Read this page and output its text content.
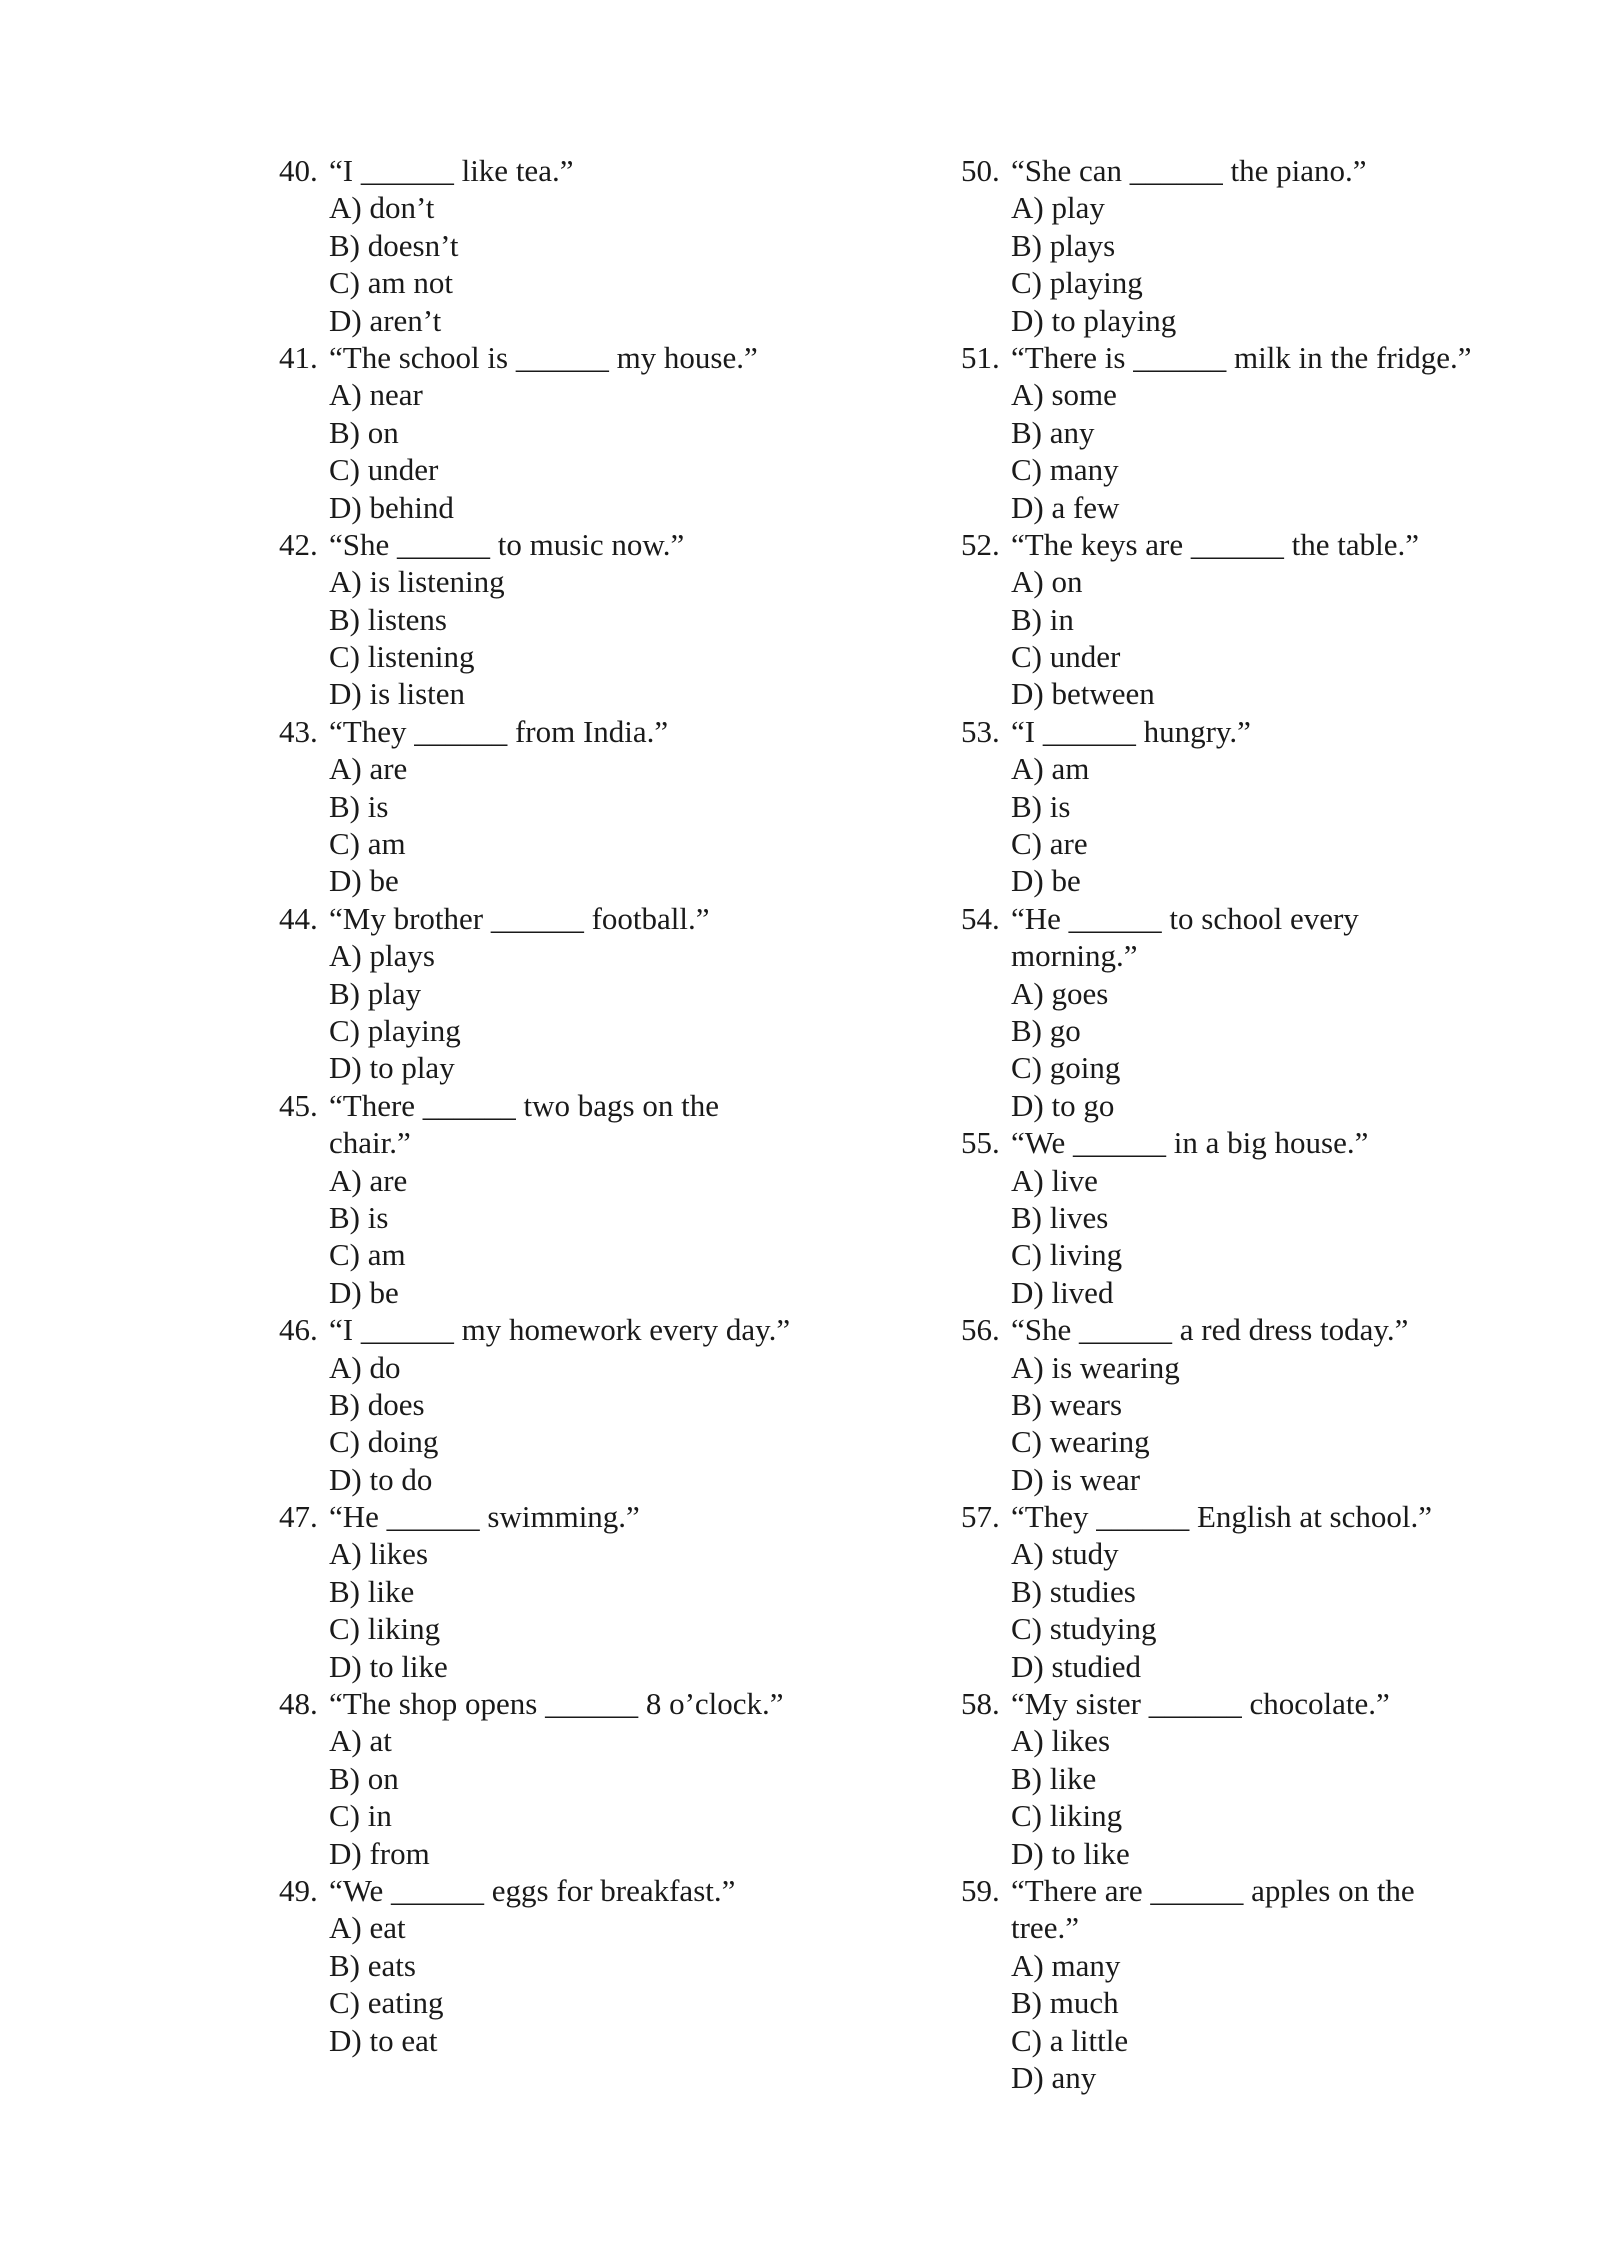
40. “I ______ like tea.”
A) don’t
B) doesn’t
C) am not
D) aren’t
41. “The school is ______ my house.”
A) near
B) on
C) under
D) behind
42. “She ______ to music now.”
A) is listening
B) listens
C) listening
D) is listen
43. “They ______ from India.”
A) are
B) is
C) am
D) be
44. “My brother ______ football.”
A) plays
B) play
C) playing
D) to play
45. “There ______ two bags on the
chair.”
A) are
B) is
C) am
D) be
46. “I ______ my homework every day.”
A) do
B) does
C) doing
D) to do
47. “He ______ swimming.”
A) likes
B) like
C) liking
D) to like
48. “The shop opens ______ 8 o’clock.”
A) at
B) on
C) in
D) from
49. “We ______ eggs for breakfast.”
A) eat
B) eats
C) eating
D) to eat
50. “She can ______ the piano.”
A) play
B) plays
C) playing
D) to playing
51. “There is ______ milk in the fridge.”
A) some
B) any
C) many
D) a few
52. “The keys are ______ the table.”
A) on
B) in
C) under
D) between
53. “I ______ hungry.”
A) am
B) is
C) are
D) be
54. “He ______ to school every
morning.”
A) goes
B) go
C) going
D) to go
55. “We ______ in a big house.”
A) live
B) lives
C) living
D) lived
56. “She ______ a red dress today.”
A) is wearing
B) wears
C) wearing
D) is wear
57. “They ______ English at school.”
A) study
B) studies
C) studying
D) studied
58. “My sister ______ chocolate.”
A) likes
B) like
C) liking
D) to like
59. “There are ______ apples on the
tree.”
A) many
B) much
C) a little
D) any
